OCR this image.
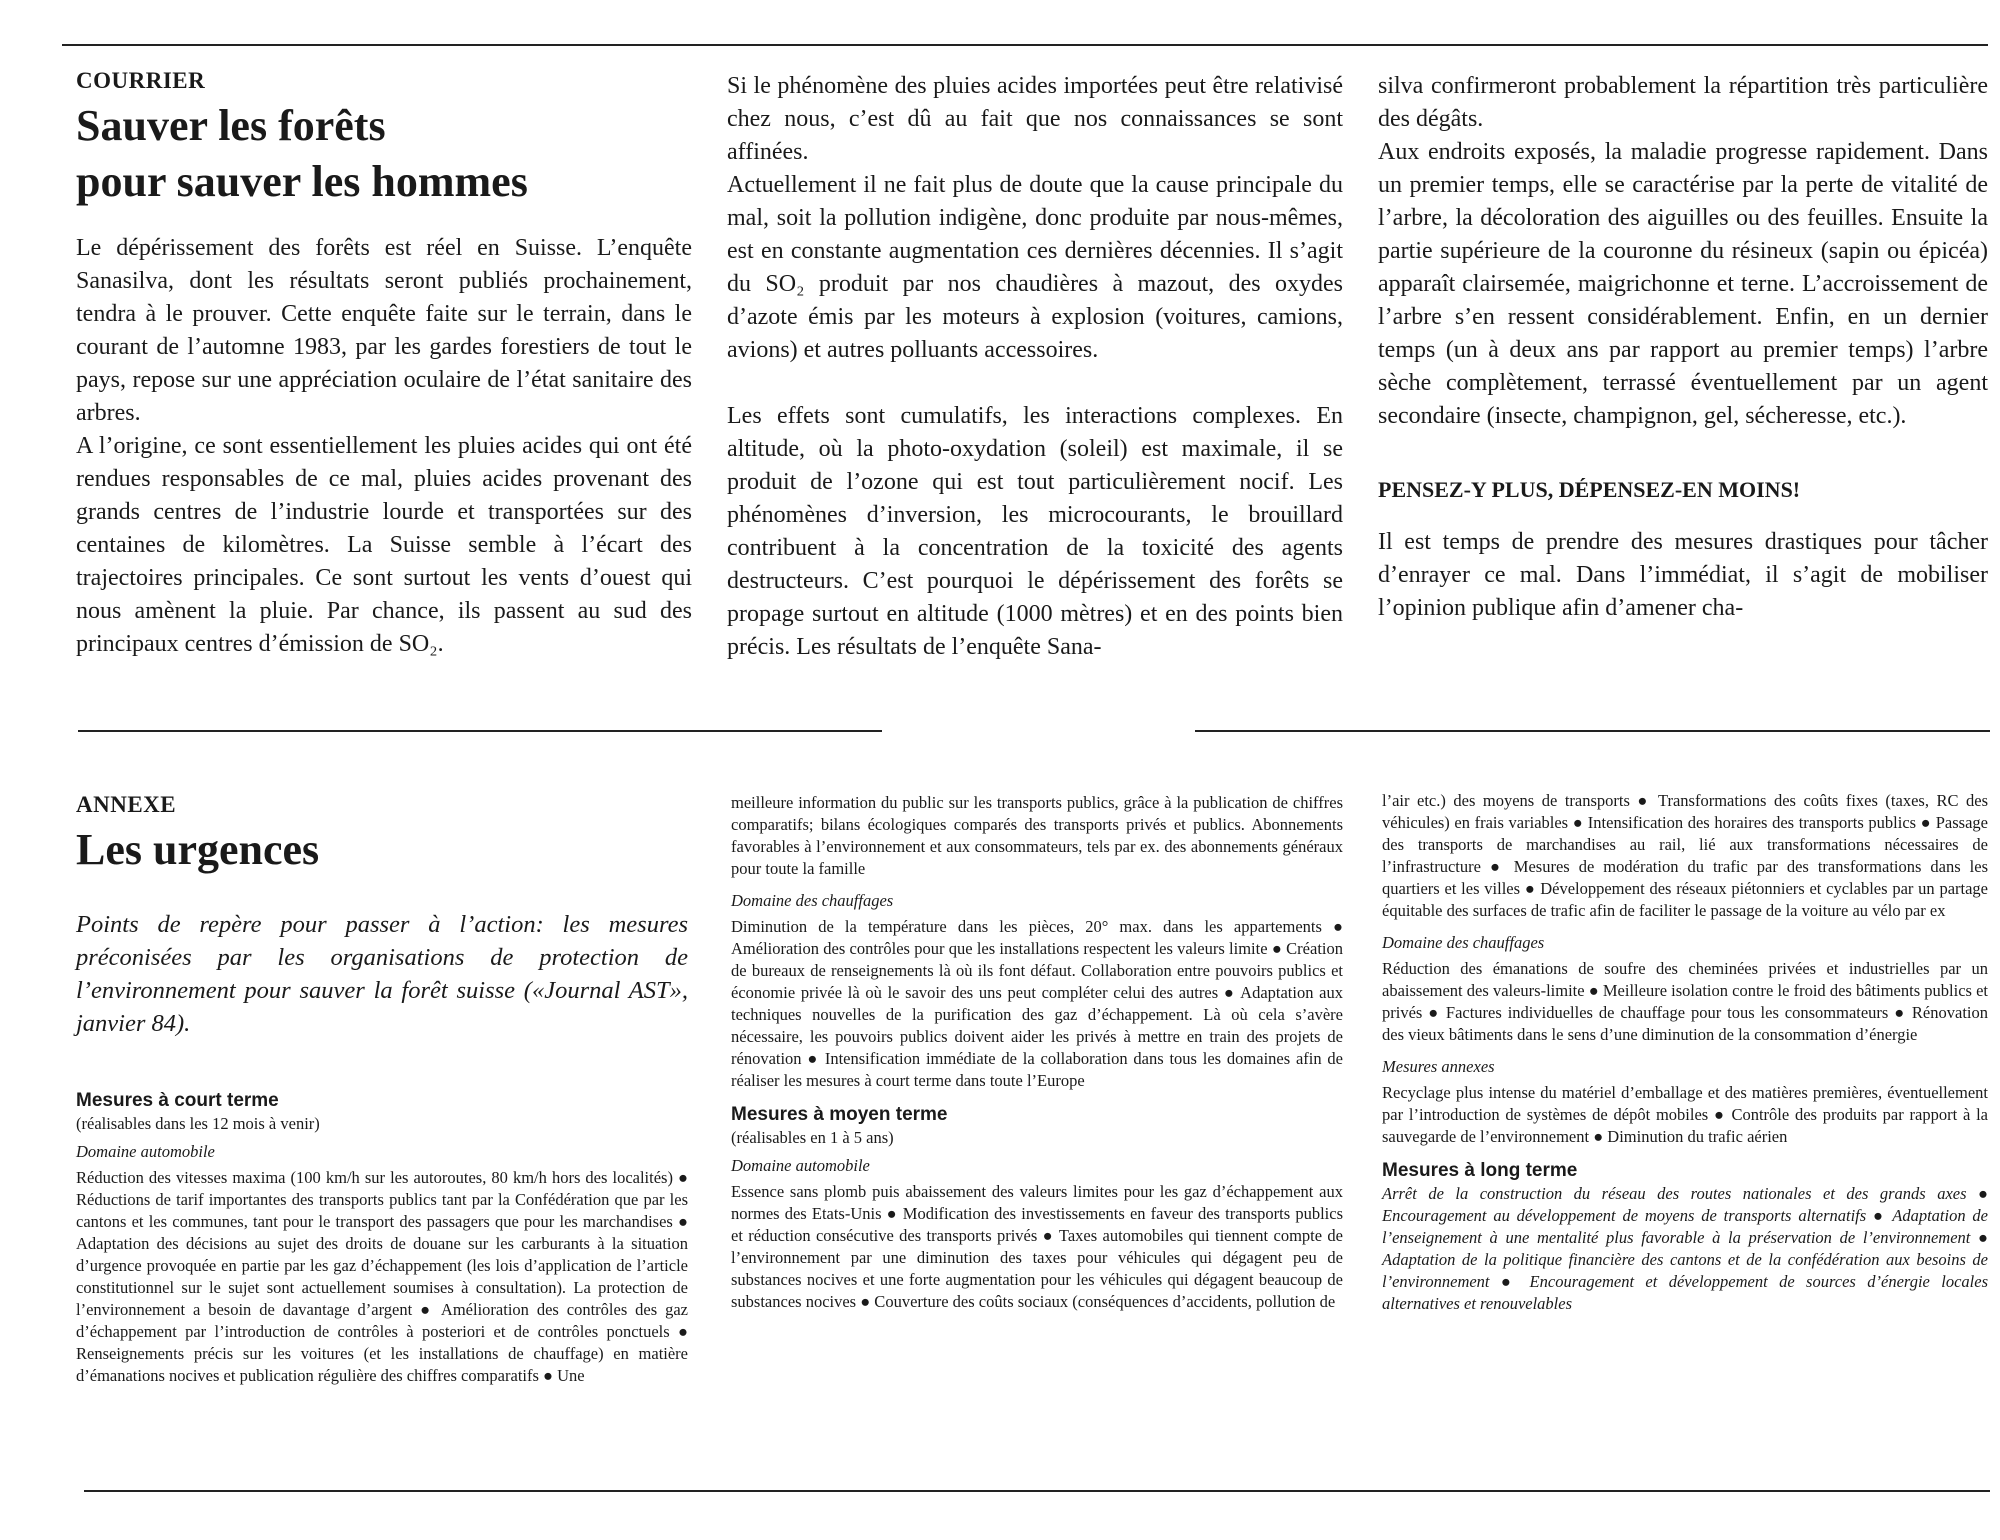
COURRIER
Sauver les forêts
pour sauver les hommes

Le dépérissement des forêts est réel en Suisse. L’enquête Sanasilva, dont les résultats seront publiés prochainement, tendra à le prouver. Cette enquête faite sur le terrain, dans le courant de l’automne 1983, par les gardes forestiers de tout le pays, repose sur une appréciation oculaire de l’état sanitaire des arbres.

A l’origine, ce sont essentiellement les pluies acides qui ont été rendues responsables de ce mal, pluies acides provenant des grands centres de l’industrie lourde et transportées sur des centaines de kilomètres. La Suisse semble à l’écart des trajectoires principales. Ce sont surtout les vents d’ouest qui nous amènent la pluie. Par chance, ils passent au sud des principaux centres d’émission de SO₂.

Si le phénomène des pluies acides importées peut être relativisé chez nous, c’est dû au fait que nos connaissances se sont affinées.

Actuellement il ne fait plus de doute que la cause principale du mal, soit la pollution indigène, donc produite par nous-mêmes, est en constante augmentation ces dernières décennies. Il s’agit du SO₂ produit par nos chaudières à mazout, des oxydes d’azote émis par les moteurs à explosion (voitures, camions, avions) et autres polluants accessoires.

Les effets sont cumulatifs, les interactions complexes. En altitude, où la photo-oxydation (soleil) est maximale, il se produit de l’ozone qui est tout particulièrement nocif. Les phénomènes d’inversion, les microcourants, le brouillard contribuent à la concentration de la toxicité des agents destructeurs. C’est pourquoi le dépérissement des forêts se propage surtout en altitude (1000 mètres) et en des points bien précis. Les résultats de l’enquête Sana-

silva confirmeront probablement la répartition très particulière des dégâts.

Aux endroits exposés, la maladie progresse rapidement. Dans un premier temps, elle se caractérise par la perte de vitalité de l’arbre, la décoloration des aiguilles ou des feuilles. Ensuite la partie supérieure de la couronne du résineux (sapin ou épicéa) apparaît clairsemée, maigrichonne et terne. L’accroissement de l’arbre s’en ressent considérablement. Enfin, en un dernier temps (un à deux ans par rapport au premier temps) l’arbre sèche complètement, terrassé éventuellement par un agent secondaire (insecte, champignon, gel, sécheresse, etc.).

PENSEZ-Y PLUS, DÉPENSEZ-EN MOINS!

Il est temps de prendre des mesures drastiques pour tâcher d’enrayer ce mal. Dans l’immédiat, il s’agit de mobiliser l’opinion publique afin d’amener cha-

ANNEXE
Les urgences

Points de repère pour passer à l’action: les mesures préconisées par les organisations de protection de l’environnement pour sauver la forêt suisse («Journal AST», janvier 84).

Mesures à court terme

(réalisables dans les 12 mois à venir)

Domaine automobile

Réduction des vitesses maxima (100 km/h sur les autoroutes, 80 km/h hors des localités) ● Réductions de tarif importantes des transports publics tant par la Confédération que par les cantons et les communes, tant pour le transport des passagers que pour les marchandises ● Adaptation des décisions au sujet des droits de douane sur les carburants à la situation d’urgence provoquée en partie par les gaz d’échappement (les lois d’application de l’article constitutionnel sur le sujet sont actuellement soumises à consultation). La protection de l’environnement a besoin de davantage d’argent ● Amélioration des contrôles des gaz d’échappement par l’introduction de contrôles à posteriori et de contrôles ponctuels ● Renseignements précis sur les voitures (et les installations de chauffage) en matière d’émanations nocives et publication régulière des chiffres comparatifs ● Une

meilleure information du public sur les transports publics, grâce à la publication de chiffres comparatifs; bilans écologiques comparés des transports privés et publics. Abonnements favorables à l’environnement et aux consommateurs, tels par ex. des abonnements généraux pour toute la famille

Domaine des chauffages

Diminution de la température dans les pièces, 20° max. dans les appartements ● Amélioration des contrôles pour que les installations respectent les valeurs limite ● Création de bureaux de renseignements là où ils font défaut. Collaboration entre pouvoirs publics et économie privée là où le savoir des uns peut compléter celui des autres ● Adaptation aux techniques nouvelles de la purification des gaz d’échappement. Là où cela s’avère nécessaire, les pouvoirs publics doivent aider les privés à mettre en train des projets de rénovation ● Intensification immédiate de la collaboration dans tous les domaines afin de réaliser les mesures à court terme dans toute l’Europe

Mesures à moyen terme

(réalisables en 1 à 5 ans)

Domaine automobile

Essence sans plomb puis abaissement des valeurs limites pour les gaz d’échappement aux normes des Etats-Unis ● Modification des investissements en faveur des transports publics et réduction consécutive des transports privés ● Taxes automobiles qui tiennent compte de l’environnement par une diminution des taxes pour véhicules qui dégagent peu de substances nocives et une forte augmentation pour les véhicules qui dégagent beaucoup de substances nocives ● Couverture des coûts sociaux (conséquences d’accidents, pollution de

l’air etc.) des moyens de transports ● Transformations des coûts fixes (taxes, RC des véhicules) en frais variables ● Intensification des horaires des transports publics ● Passage des transports de marchandises au rail, lié aux transformations nécessaires de l’infrastructure ● Mesures de modération du trafic par des transformations dans les quartiers et les villes ● Développement des réseaux piétonniers et cyclables par un partage équitable des surfaces de trafic afin de faciliter le passage de la voiture au vélo par ex

Domaine des chauffages

Réduction des émanations de soufre des cheminées privées et industrielles par un abaissement des valeurs-limite ● Meilleure isolation contre le froid des bâtiments publics et privés ● Factures individuelles de chauffage pour tous les consommateurs ● Rénovation des vieux bâtiments dans le sens d’une diminution de la consommation d’énergie

Mesures annexes

Recyclage plus intense du matériel d’emballage et des matières premières, éventuellement par l’introduction de systèmes de dépôt mobiles ● Contrôle des produits par rapport à la sauvegarde de l’environnement ● Diminution du trafic aérien

Mesures à long terme

Arrêt de la construction du réseau des routes nationales et des grands axes ● Encouragement au développement de moyens de transports alternatifs ● Adaptation de l’enseignement à une mentalité plus favorable à la préservation de l’environnement ● Adaptation de la politique financière des cantons et de la confédération aux besoins de l’environnement ● Encouragement et développement de sources d’énergie locales alternatives et renouvelables
